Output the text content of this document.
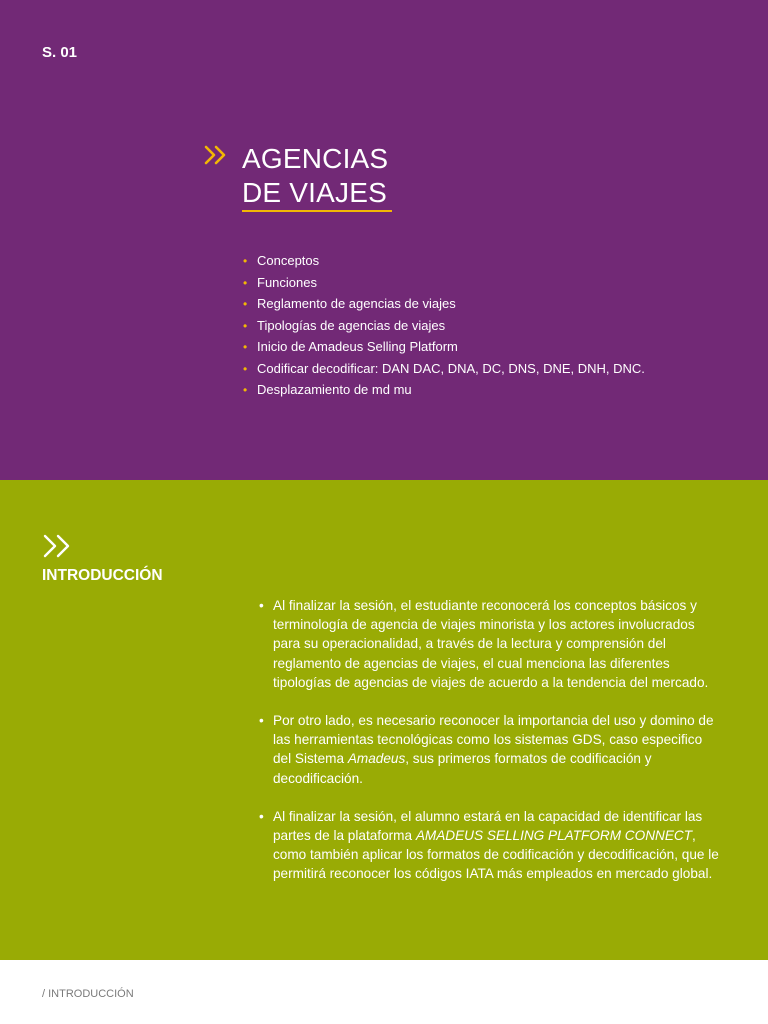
S. 01
AGENCIAS
DE VIAJES
• Conceptos
• Funciones
• Reglamento de agencias de viajes
• Tipologías de agencias de viajes
• Inicio de Amadeus Selling Platform
• Codificar decodificar: DAN DAC, DNA, DC, DNS, DNE, DNH, DNC.
• Desplazamiento de md mu
INTRODUCCIÓN
• Al finalizar la sesión, el estudiante reconocerá los conceptos básicos y terminología de agencia de viajes minorista y los actores involucrados para su operacionalidad, a través de la lectura y comprensión del reglamento de agencias de viajes, el cual menciona las diferentes tipologías de agencias de viajes de acuerdo a la tendencia del mercado.
• Por otro lado, es necesario reconocer la importancia del uso y domino de las herramientas tecnológicas como los sistemas GDS, caso especifico del Sistema Amadeus, sus primeros formatos de codificación y decodificación.
• Al finalizar la sesión, el alumno estará en la capacidad de identificar las partes de la plataforma AMADEUS SELLING PLATFORM CONNECT, como también aplicar los formatos de codificación y decodificación, que le permitirá reconocer los códigos IATA más empleados en mercado global.
/ INTRODUCCIÓN
